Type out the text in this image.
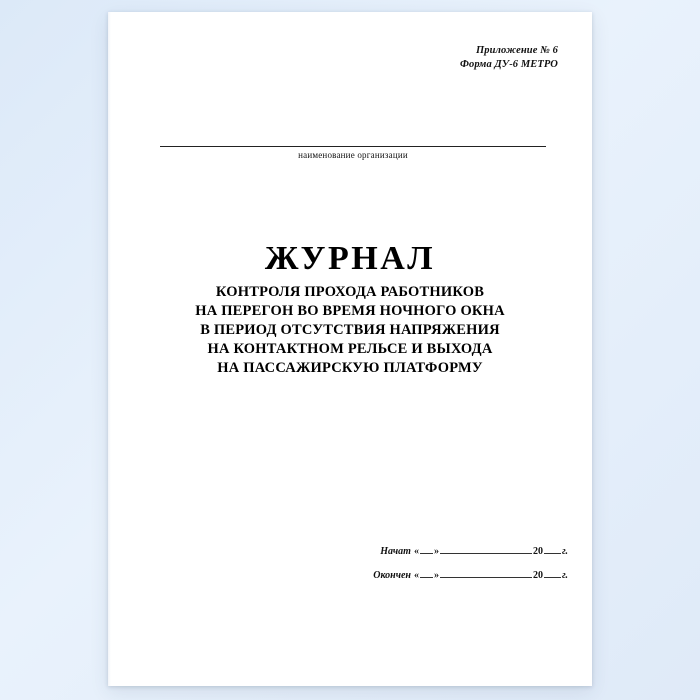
Приложение № 6
Форма ДУ-6 МЕТРО
наименование организации
ЖУРНАЛ
КОНТРОЛЯ ПРОХОДА РАБОТНИКОВ
НА ПЕРЕГОН ВО ВРЕМЯ НОЧНОГО ОКНА
В ПЕРИОД ОТСУТСТВИЯ НАПРЯЖЕНИЯ
НА КОНТАКТНОМ РЕЛЬСЕ И ВЫХОДА
НА ПАССАЖИРСКУЮ ПЛАТФОРМУ
Начат « »	20 г.
Окончен « »	20 г.
